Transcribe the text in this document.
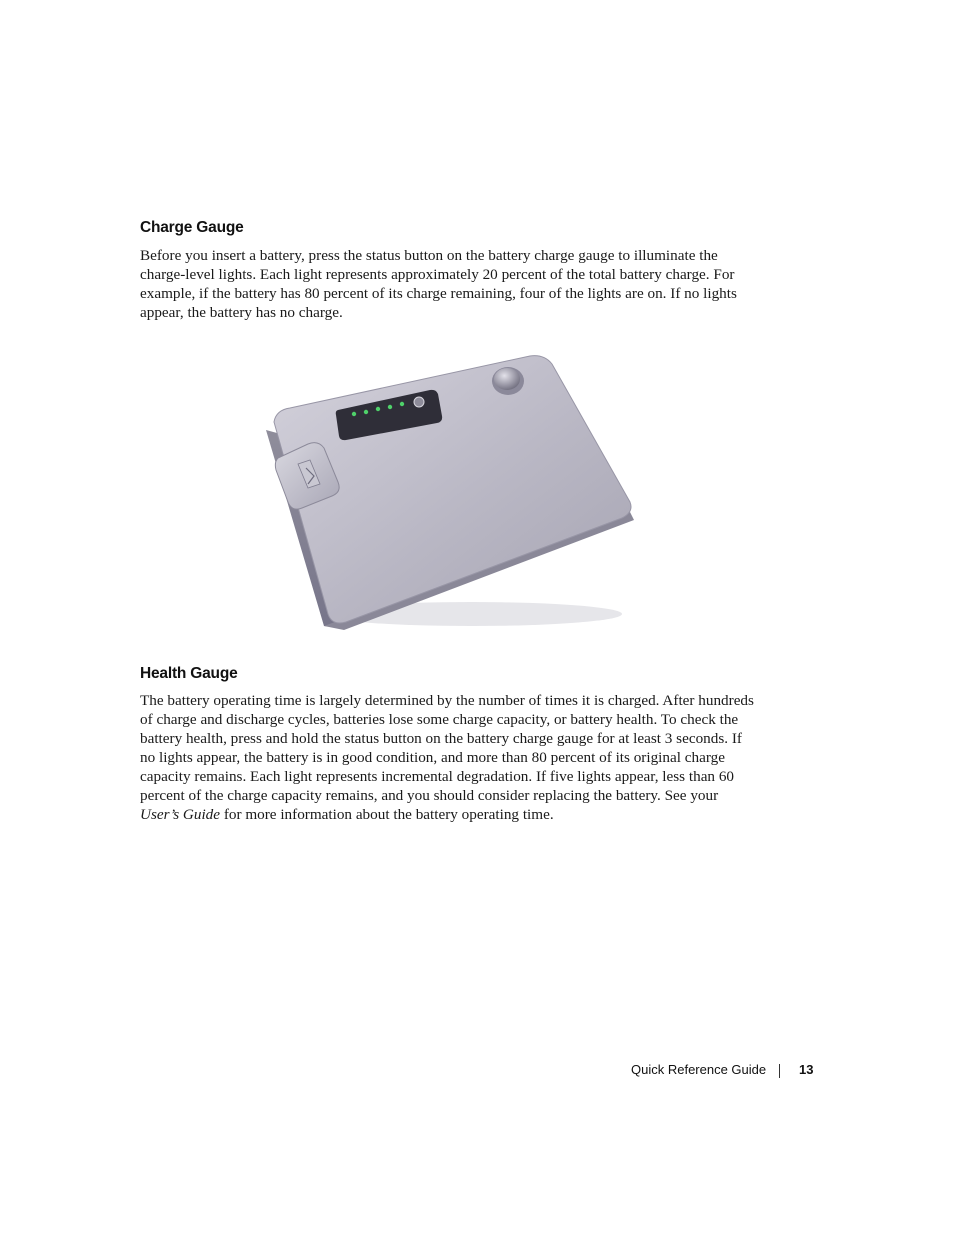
Charge Gauge

Before you insert a battery, press the status button on the battery charge gauge to illuminate the charge-level lights. Each light represents approximately 20 percent of the total battery charge. For example, if the battery has 80 percent of its charge remaining, four of the lights are on. If no lights appear, the battery has no charge.

Health Gauge

The battery operating time is largely determined by the number of times it is charged. After hundreds of charge and discharge cycles, batteries lose some charge capacity, or battery health. To check the battery health, press and hold the status button on the battery charge gauge for at least 3 seconds. If no lights appear, the battery is in good condition, and more than 80 percent of its original charge capacity remains. Each light represents incremental degradation. If five lights appear, less than 60 percent of the charge capacity remains, and you should consider replacing the battery. See your User’s Guide for more information about the battery operating time.

Quick Reference Guide	13
